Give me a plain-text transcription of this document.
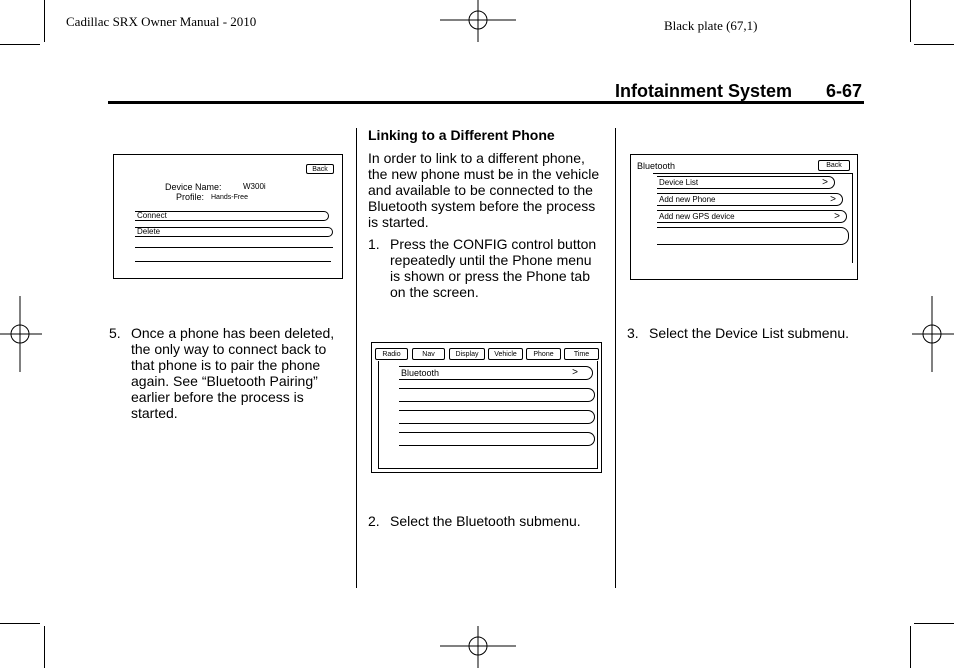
Cadillac SRX Owner Manual - 2010	Black plate (67,1)
Infotainment System 6-67
Back
Device Name:	W300i
Profile: Hands-Free
Connect
Delete
5. Once a phone has been deleted, the only way to connect back to that phone is to pair the phone again. See “Bluetooth Pairing” earlier before the process is started.
Linking to a Different Phone
In order to link to a different phone, the new phone must be in the vehicle and available to be connected to the Bluetooth system before the process is started.
1. Press the CONFIG control button repeatedly until the Phone menu is shown or press the Phone tab on the screen.
Radio	Nav	Display	Vehicle	Phone	Time
Bluetooth	>
2. Select the Bluetooth submenu.
Bluetooth	Back
Device List	>
Add new Phone	>
Add new GPS device	>
3. Select the Device List submenu.
